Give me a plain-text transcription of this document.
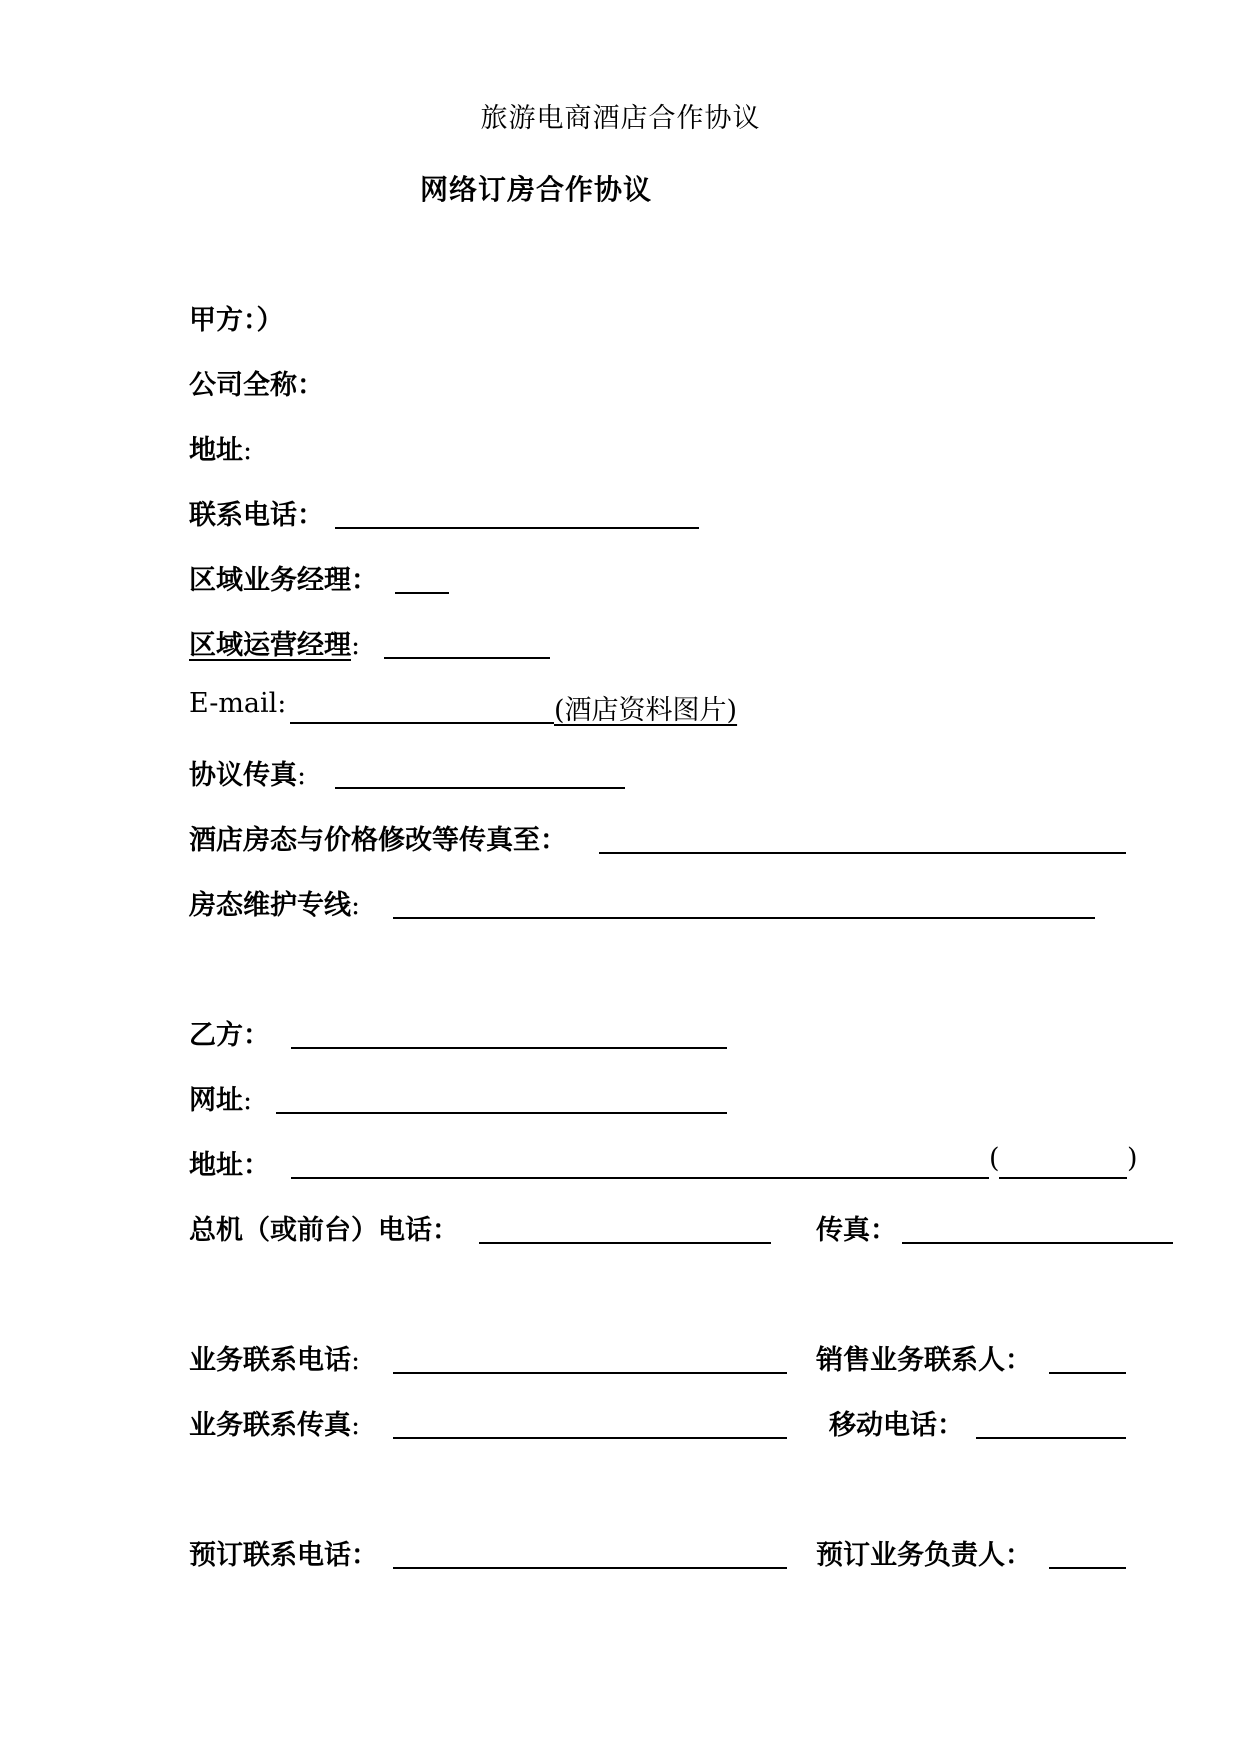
旅游电商酒店合作协议
网络订房合作协议
甲方：）
公司全称：
地址:
联系电话：
区域业务经理：
区域运营经理:
E-mail:	(酒店资料图片)
协议传真:
酒店房态与价格修改等传真至：
房态维护专线:
乙方：
网址:
地址：	(	)
总机（或前台）电话：	传真：
业务联系电话:	销售业务联系人：
业务联系传真:	移动电话：
预订联系电话：	预订业务负责人：
